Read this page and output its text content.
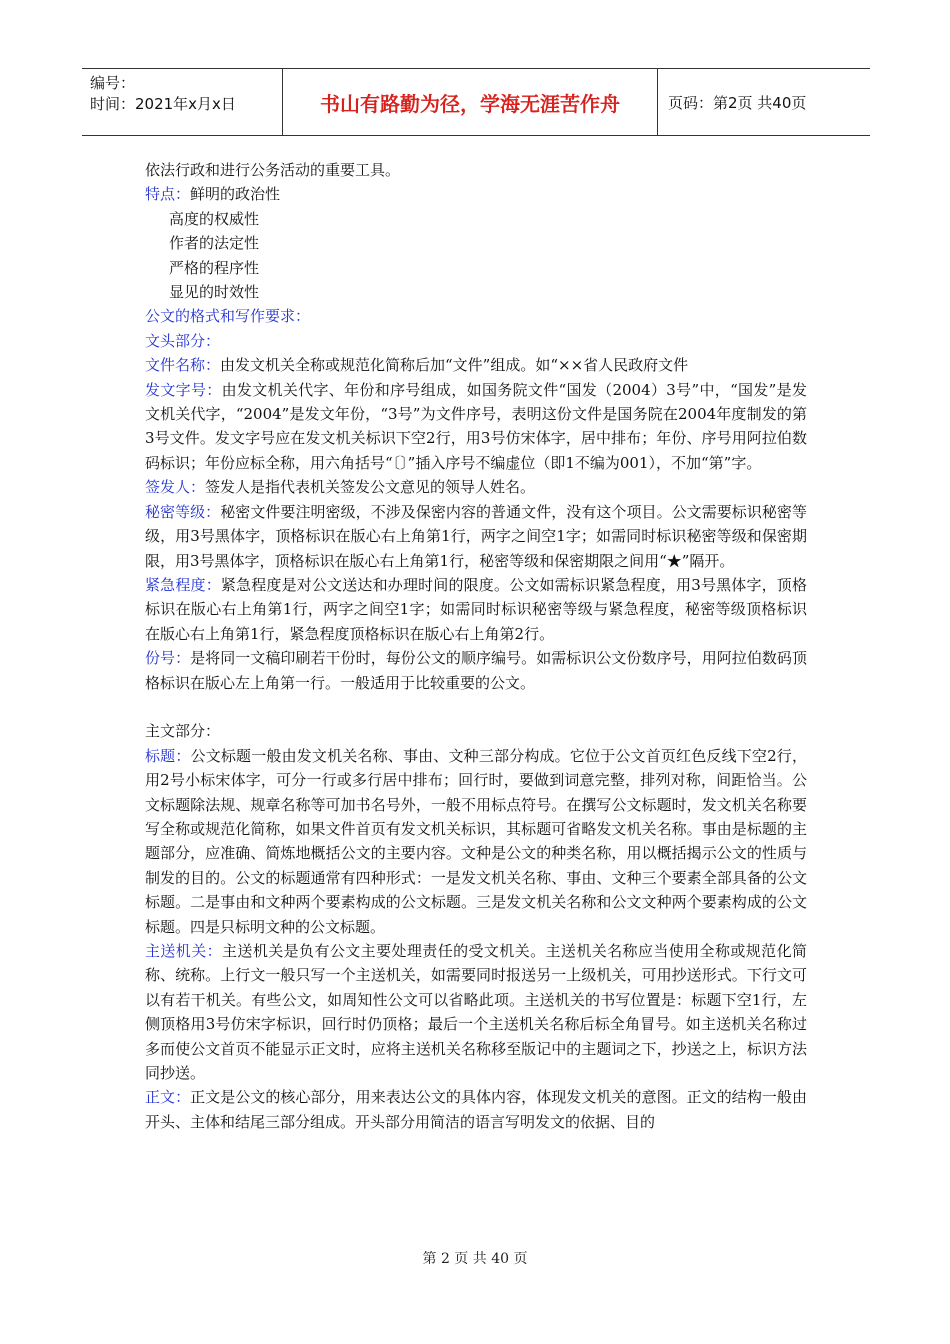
编号：
时间：2021年x月x日	书山有路勤为径，学海无涯苦作舟	页码：第2页 共40页

依法行政和进行公务活动的重要工具。

特点：鲜明的政治性

高度的权威性

作者的法定性

严格的程序性

显见的时效性

公文的格式和写作要求：

文头部分：

文件名称：由发文机关全称或规范化简称后加“文件”组成。如“××省人民政府文件

发文字号：由发文机关代字、年份和序号组成，如国务院文件“国发（2004）3号”中，“国发”是发文机关代字，“2004”是发文年份，“3号”为文件序号，表明这份文件是国务院在2004年度制发的第3号文件。发文字号应在发文机关标识下空2行，用3号仿宋体字，居中排布；年份、序号用阿拉伯数码标识；年份应标全称，用六角括号“〔〕”插入序号不编虚位（即1不编为001），不加“第”字。

签发人：签发人是指代表机关签发公文意见的领导人姓名。

秘密等级：秘密文件要注明密级，不涉及保密内容的普通文件，没有这个项目。公文需要标识秘密等级，用3号黑体字，顶格标识在版心右上角第1行，两字之间空1字；如需同时标识秘密等级和保密期限，用3号黑体字，顶格标识在版心右上角第1行，秘密等级和保密期限之间用“★”隔开。

紧急程度：紧急程度是对公文送达和办理时间的限度。公文如需标识紧急程度，用3号黑体字，顶格标识在版心右上角第1行，两字之间空1字；如需同时标识秘密等级与紧急程度，秘密等级顶格标识在版心右上角第1行，紧急程度顶格标识在版心右上角第2行。

份号：是将同一文稿印刷若干份时，每份公文的顺序编号。如需标识公文份数序号，用阿拉伯数码顶格标识在版心左上角第一行。一般适用于比较重要的公文。

主文部分：

标题：公文标题一般由发文机关名称、事由、文种三部分构成。它位于公文首页红色反线下空2行，用2号小标宋体字，可分一行或多行居中排布；回行时，要做到词意完整，排列对称，间距恰当。公文标题除法规、规章名称等可加书名号外，一般不用标点符号。在撰写公文标题时，发文机关名称要写全称或规范化简称，如果文件首页有发文机关标识，其标题可省略发文机关名称。事由是标题的主题部分，应准确、简炼地概括公文的主要内容。文种是公文的种类名称，用以概括揭示公文的性质与制发的目的。公文的标题通常有四种形式：一是发文机关名称、事由、文种三个要素全部具备的公文标题。二是事由和文种两个要素构成的公文标题。三是发文机关名称和公文文种两个要素构成的公文标题。四是只标明文种的公文标题。

主送机关：主送机关是负有公文主要处理责任的受文机关。主送机关名称应当使用全称或规范化简称、统称。上行文一般只写一个主送机关，如需要同时报送另一上级机关，可用抄送形式。下行文可以有若干机关。有些公文，如周知性公文可以省略此项。主送机关的书写位置是：标题下空1行，左侧顶格用3号仿宋字标识，回行时仍顶格；最后一个主送机关名称后标全角冒号。如主送机关名称过多而使公文首页不能显示正文时，应将主送机关名称移至版记中的主题词之下，抄送之上，标识方法同抄送。

正文：正文是公文的核心部分，用来表达公文的具体内容，体现发文机关的意图。正文的结构一般由开头、主体和结尾三部分组成。开头部分用简洁的语言写明发文的依据、目的

第 2 页 共 40 页
